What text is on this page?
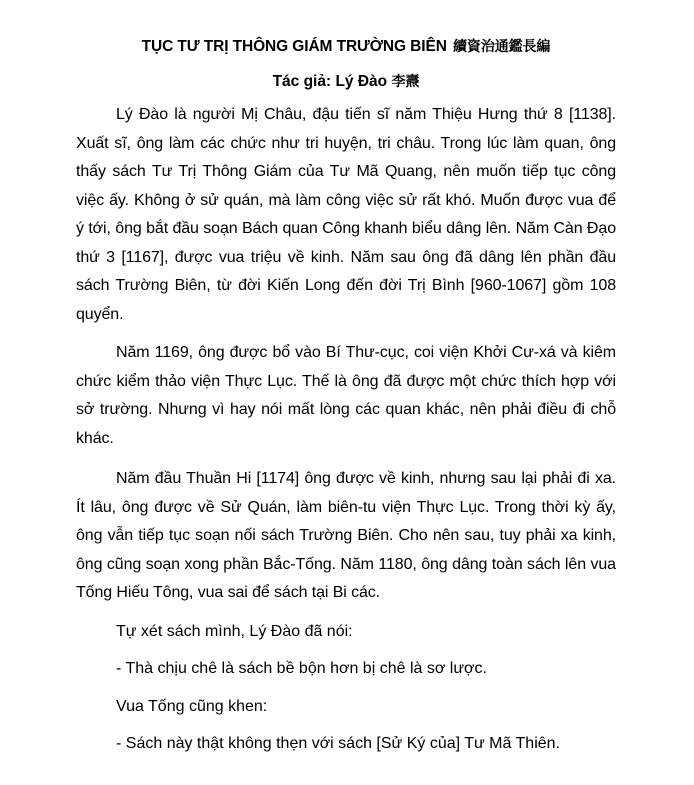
TỤC TƯ TRỊ THÔNG GIÁM TRƯỜNG BIÊN 續資治通鑑長編
Tác giả: Lý Đào 李燾

Lý Đào là người Mị Châu, đậu tiến sĩ năm Thiệu Hưng thứ 8 [1138]. Xuất sĩ, ông làm các chức như tri huyện, tri châu. Trong lúc làm quan, ông thấy sách Tư Trị Thông Giám của Tư Mã Quang, nên muốn tiếp tục công việc ấy. Không ở sử quán, mà làm công việc sử rất khó. Muốn được vua để ý tới, ông bắt đầu soạn Bách quan Công khanh biểu dâng lên. Năm Càn Đạo thứ 3 [1167], được vua triệu về kinh. Năm sau ông đã dâng lên phần đầu sách Trường Biên, từ đời Kiến Long đến đời Trị Bình [960-1067] gồm 108 quyển.

Năm 1169, ông được bổ vào Bí Thư-cục, coi viện Khởi Cư-xá và kiêm chức kiểm thảo viện Thực Lục. Thế là ông đã được một chức thích hợp với sở trường. Nhưng vì hay nói mất lòng các quan khác, nên phải điều đi chỗ khác.

Năm đầu Thuần Hi [1174] ông được về kinh, nhưng sau lại phải đi xa. Ít lâu, ông được về Sử Quán, làm biên-tu viện Thực Lục. Trong thời kỳ ấy, ông vẫn tiếp tục soạn nối sách Trường Biên. Cho nên sau, tuy phải xa kinh, ông cũng soạn xong phần Bắc-Tống. Năm 1180, ông dâng toàn sách lên vua Tống Hiếu Tông, vua sai để sách tại Bi các.

Tự xét sách mình, Lý Đào đã nói:

- Thà chịu chê là sách bề bộn hơn bị chê là sơ lược.

Vua Tống cũng khen:

- Sách này thật không thẹn với sách [Sử Ký của] Tư Mã Thiên.
